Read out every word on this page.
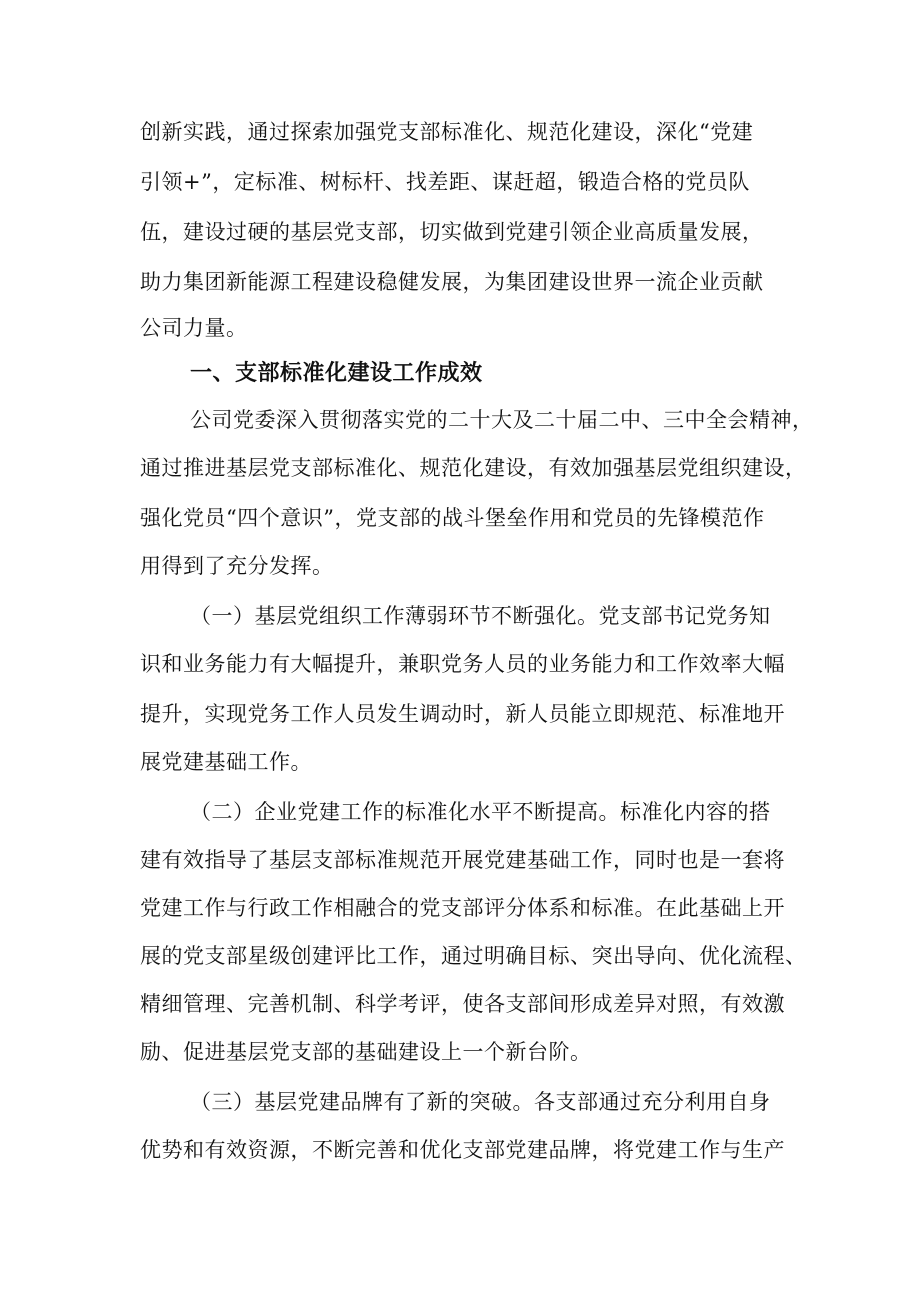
创新实践，通过探索加强党支部标准化、规范化建设，深化“党建
引领+”，定标准、树标杆、找差距、谋赶超，锻造合格的党员队
伍，建设过硬的基层党支部，切实做到党建引领企业高质量发展，
助力集团新能源工程建设稳健发展，为集团建设世界一流企业贡献
公司力量。
一、支部标准化建设工作成效
公司党委深入贯彻落实党的二十大及二十届二中、三中全会精神，
通过推进基层党支部标准化、规范化建设，有效加强基层党组织建设，
强化党员“四个意识”，党支部的战斗堡垒作用和党员的先锋模范作
用得到了充分发挥。
（一）基层党组织工作薄弱环节不断强化。党支部书记党务知
识和业务能力有大幅提升，兼职党务人员的业务能力和工作效率大幅
提升，实现党务工作人员发生调动时，新人员能立即规范、标准地开
展党建基础工作。
（二）企业党建工作的标准化水平不断提高。标准化内容的搭
建有效指导了基层支部标准规范开展党建基础工作，同时也是一套将
党建工作与行政工作相融合的党支部评分体系和标准。在此基础上开
展的党支部星级创建评比工作，通过明确目标、突出导向、优化流程、
精细管理、完善机制、科学考评，使各支部间形成差异对照，有效激
励、促进基层党支部的基础建设上一个新台阶。
（三）基层党建品牌有了新的突破。各支部通过充分利用自身
优势和有效资源，不断完善和优化支部党建品牌，将党建工作与生产
